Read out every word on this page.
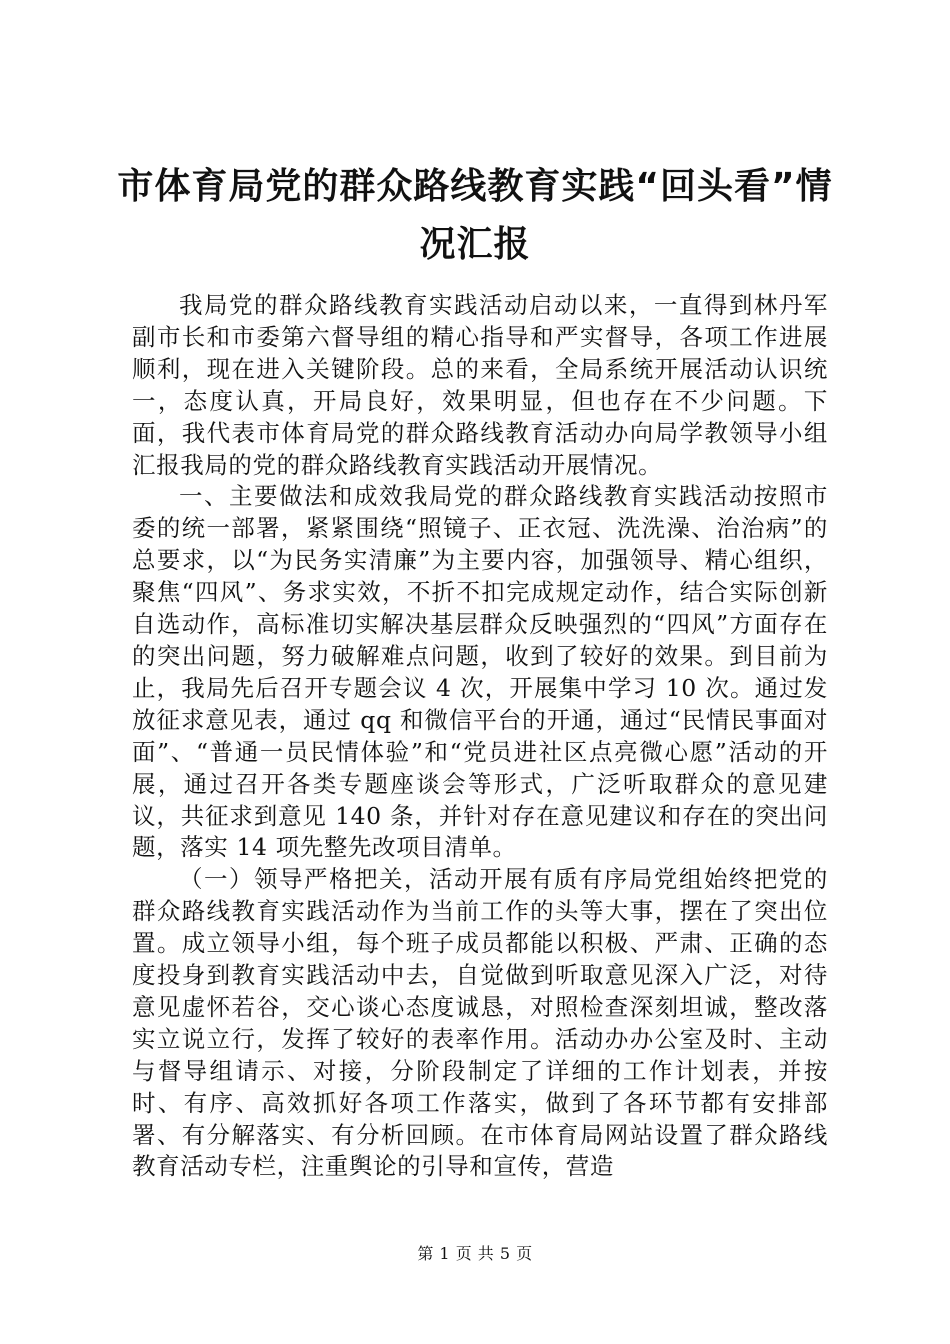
市体育局党的群众路线教育实践“回头看”情况汇报

我局党的群众路线教育实践活动启动以来，一直得到林丹军副市长和市委第六督导组的精心指导和严实督导，各项工作进展顺利，现在进入关键阶段。总的来看，全局系统开展活动认识统一，态度认真，开局良好，效果明显，但也存在不少问题。下面，我代表市体育局党的群众路线教育活动办向局学教领导小组汇报我局的党的群众路线教育实践活动开展情况。

一、主要做法和成效我局党的群众路线教育实践活动按照市委的统一部署，紧紧围绕“照镜子、正衣冠、洗洗澡、治治病”的总要求，以“为民务实清廉”为主要内容，加强领导、精心组织，聚焦“四风”、务求实效，不折不扣完成规定动作，结合实际创新自选动作，高标准切实解决基层群众反映强烈的“四风”方面存在的突出问题，努力破解难点问题，收到了较好的效果。到目前为止，我局先后召开专题会议 4 次，开展集中学习 10 次。通过发放征求意见表，通过 qq 和微信平台的开通，通过“民情民事面对面”、“普通一员民情体验”和“党员进社区点亮微心愿”活动的开展，通过召开各类专题座谈会等形式，广泛听取群众的意见建议，共征求到意见 140 条，并针对存在意见建议和存在的突出问题，落实 14 项先整先改项目清单。

（一）领导严格把关，活动开展有质有序局党组始终把党的群众路线教育实践活动作为当前工作的头等大事，摆在了突出位置。成立领导小组，每个班子成员都能以积极、严肃、正确的态度投身到教育实践活动中去，自觉做到听取意见深入广泛，对待意见虚怀若谷，交心谈心态度诚恳，对照检查深刻坦诚，整改落实立说立行，发挥了较好的表率作用。活动办办公室及时、主动与督导组请示、对接，分阶段制定了详细的工作计划表，并按时、有序、高效抓好各项工作落实，做到了各环节都有安排部署、有分解落实、有分析回顾。在市体育局网站设置了群众路线教育活动专栏，注重舆论的引导和宣传，营造

第 1 页 共 5 页
